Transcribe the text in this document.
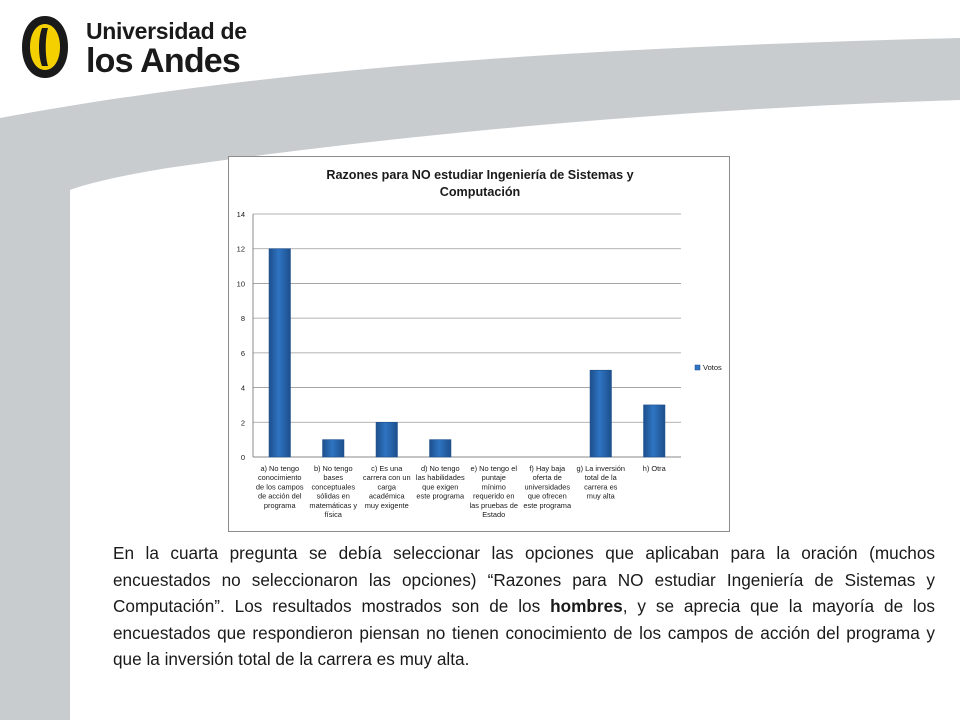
Universidad de
los Andes
Razones para NO estudiar Ingeniería de Sistemas y
Computación
0
2
4
6
8
10
12
14
a) No tengo
conocimiento
de los campos
de acción del
programa
b) No tengo
bases
conceptuales
sólidas en
matemáticas y
física
c) Es una
carrera con un
carga
académica
muy exigente
d) No tengo
las habilidades
que exigen
este programa
e) No tengo el
puntaje
mínimo
requerido en
las pruebas de
Estado
f) Hay baja
oferta de
universidades
que ofrecen
este programa
g) La inversión
total de la
carrera es
muy alta
h) Otra
Votos

En la cuarta pregunta se debía seleccionar las opciones que aplicaban para la oración (muchos encuestados no seleccionaron las opciones) “Razones para NO estudiar Ingeniería de Sistemas y Computación”. Los resultados mostrados son de los hombres, y se aprecia que la mayoría de los encuestados que respondieron piensan no tienen conocimiento de los campos de acción del programa y que la inversión total de la carrera es muy alta.
